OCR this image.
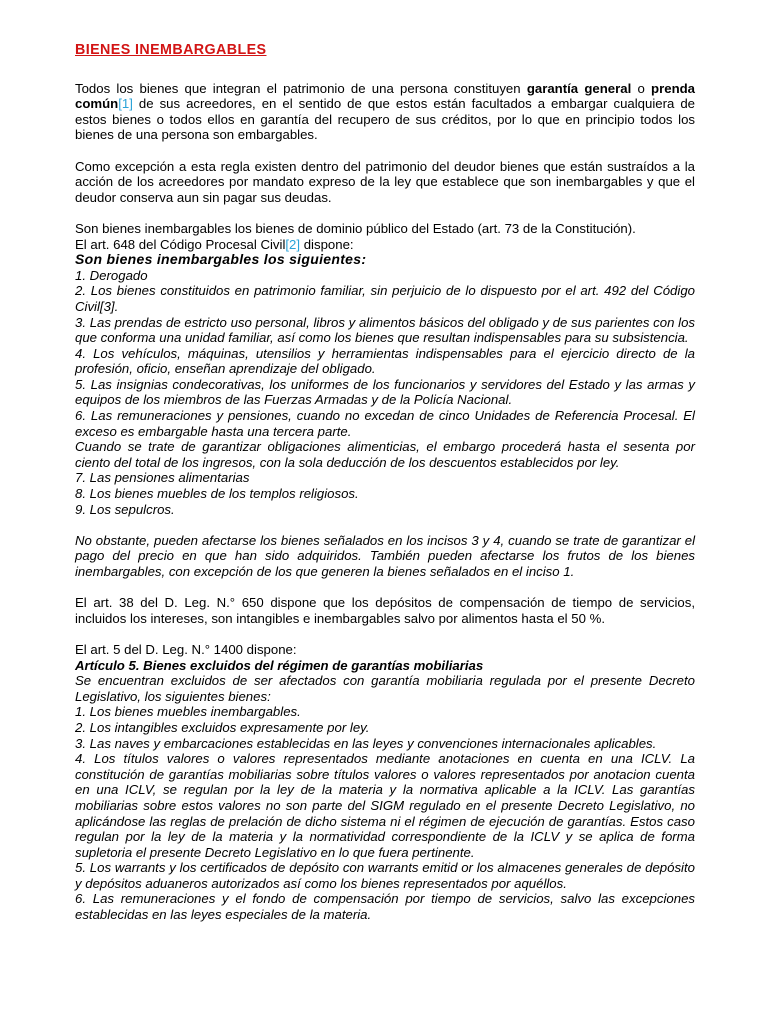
BIENES INEMBARGABLES

Todos los bienes que integran el patrimonio de una persona constituyen garantía general o prenda común[1] de sus acreedores, en el sentido de que estos están facultados a embargar cualquiera de estos bienes o todos ellos en garantía del recupero de sus créditos, por lo que en principio todos los bienes de una persona son embargables.

Como excepción a esta regla existen dentro del patrimonio del deudor bienes que están sustraídos a la acción de los acreedores por mandato expreso de la ley que establece que son inembargables y que el deudor conserva aun sin pagar sus deudas.

Son bienes inembargables los bienes de dominio público del Estado (art. 73 de la Constitución).

El art. 648 del Código Procesal Civil[2] dispone:

Son bienes inembargables los siguientes:

1. Derogado

2. Los bienes constituidos en patrimonio familiar, sin perjuicio de lo dispuesto por el art. 492 del Código Civil[3].

3. Las prendas de estricto uso personal, libros y alimentos básicos del obligado y de sus parientes con los que conforma una unidad familiar, así como los bienes que resultan indispensables para su subsistencia.

4. Los vehículos, máquinas, utensilios y herramientas indispensables para el ejercicio directo de la profesión, oficio, enseñan aprendizaje del obligado.

5. Las insignias condecorativas, los uniformes de los funcionarios y servidores del Estado y las armas y equipos de los miembros de las Fuerzas Armadas y de la Policía Nacional.

6. Las remuneraciones y pensiones, cuando no excedan de cinco Unidades de Referencia Procesal. El exceso es embargable hasta una tercera parte.

Cuando se trate de garantizar obligaciones alimenticias, el embargo procederá hasta el sesenta por ciento del total de los ingresos, con la sola deducción de los descuentos establecidos por ley.

7. Las pensiones alimentarias

8. Los bienes muebles de los templos religiosos.

9. Los sepulcros.

No obstante, pueden afectarse los bienes señalados en los incisos 3 y 4, cuando se trate de garantizar el pago del precio en que han sido adquiridos. También pueden afectarse los frutos de los bienes inembargables, con excepción de los que generen la bienes señalados en el inciso 1.

El art. 38 del D. Leg. N.° 650 dispone que los depósitos de compensación de tiempo de servicios, incluidos los intereses, son intangibles e inembargables salvo por alimentos hasta el 50 %.

El art. 5 del D. Leg. N.° 1400 dispone:

Artículo 5. Bienes excluidos del régimen de garantías mobiliarias

Se encuentran excluidos de ser afectados con garantía mobiliaria regulada por el presente Decreto Legislativo, los siguientes bienes:

1. Los bienes muebles inembargables.

2. Los intangibles excluidos expresamente por ley.

3. Las naves y embarcaciones establecidas en las leyes y convenciones internacionales aplicables.

4. Los títulos valores o valores representados mediante anotaciones en cuenta en una ICLV. La constitución de garantías mobiliarias sobre títulos valores o valores representados por anotacion cuenta en una ICLV, se regulan por la ley de la materia y la normativa aplicable a la ICLV. Las garantías mobiliarias sobre estos valores no son parte del SIGM regulado en el presente Decreto Legislativo, no aplicándose las reglas de prelación de dicho sistema ni el régimen de ejecución de garantías. Estos caso regulan por la ley de la materia y la normatividad correspondiente de la ICLV y se aplica de forma supletoria el presente Decreto Legislativo en lo que fuera pertinente.

5. Los warrants y los certificados de depósito con warrants emitid or los almacenes generales de depósito y depósitos aduaneros autorizados así como los bienes representados por aquéllos.

6. Las remuneraciones y el fondo de compensación por tiempo de servicios, salvo las excepciones establecidas en las leyes especiales de la materia.
